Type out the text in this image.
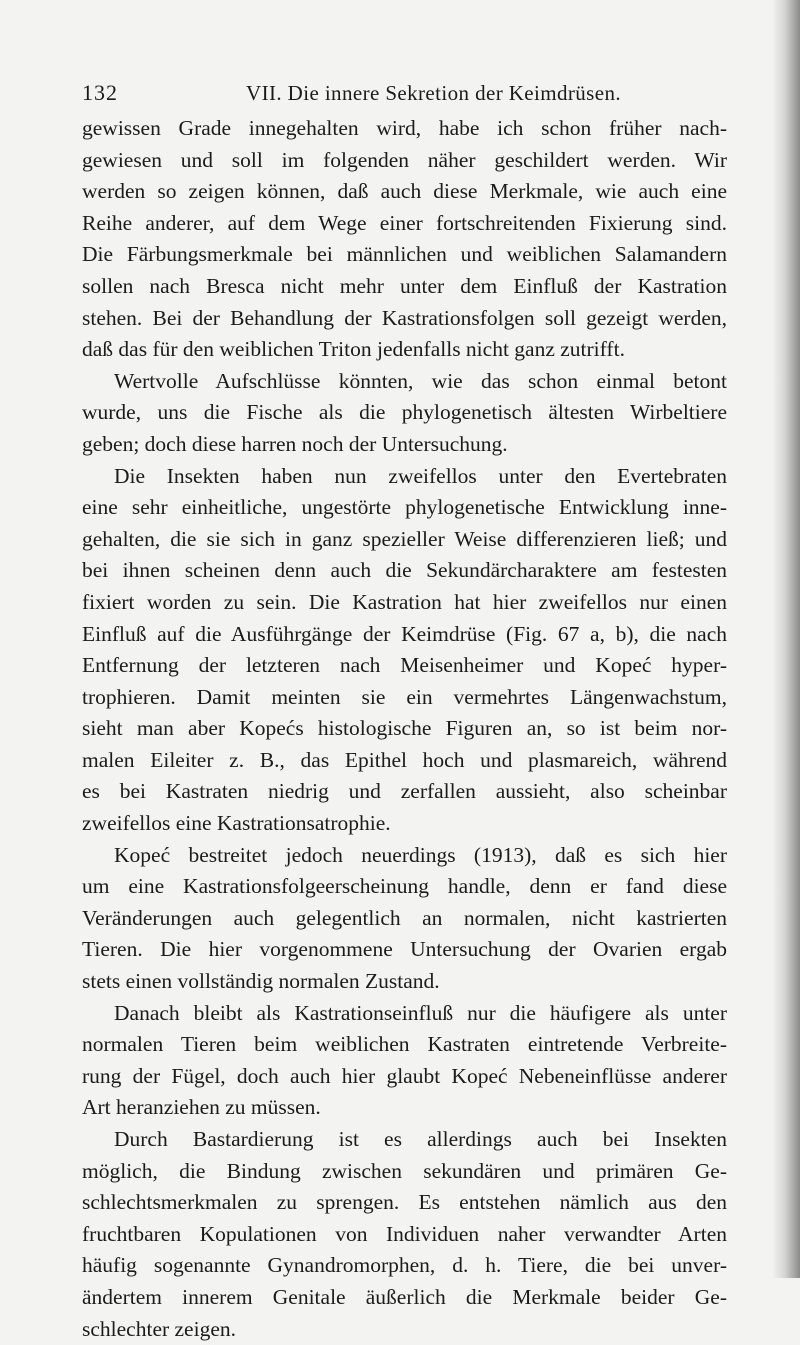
132	VII. Die innere Sekretion der Keimdrüsen.
gewissen Grade innegehalten wird, habe ich schon früher nach-
gewiesen und soll im folgenden näher geschildert werden. Wir
werden so zeigen können, daß auch diese Merkmale, wie auch eine
Reihe anderer, auf dem Wege einer fortschreitenden Fixierung sind.
Die Färbungsmerkmale bei männlichen und weiblichen Salamandern
sollen nach Bresca nicht mehr unter dem Einfluß der Kastration
stehen. Bei der Behandlung der Kastrationsfolgen soll gezeigt werden,
daß das für den weiblichen Triton jedenfalls nicht ganz zutrifft.
Wertvolle Aufschlüsse könnten, wie das schon einmal betont
wurde, uns die Fische als die phylogenetisch ältesten Wirbeltiere
geben; doch diese harren noch der Untersuchung.
Die Insekten haben nun zweifellos unter den Evertebraten
eine sehr einheitliche, ungestörte phylogenetische Entwicklung inne-
gehalten, die sie sich in ganz spezieller Weise differenzieren ließ; und
bei ihnen scheinen denn auch die Sekundärcharaktere am festesten
fixiert worden zu sein. Die Kastration hat hier zweifellos nur einen
Einfluß auf die Ausführgänge der Keimdrüse (Fig. 67 a, b), die nach
Entfernung der letzteren nach Meisenheimer und Kopeć hyper-
trophieren. Damit meinten sie ein vermehrtes Längenwachstum,
sieht man aber Kopećs histologische Figuren an, so ist beim nor-
malen Eileiter z. B., das Epithel hoch und plasmareich, während
es bei Kastraten niedrig und zerfallen aussieht, also scheinbar
zweifellos eine Kastrationsatrophie.
Kopeć bestreitet jedoch neuerdings (1913), daß es sich hier
um eine Kastrationsfolgeerscheinung handle, denn er fand diese
Veränderungen auch gelegentlich an normalen, nicht kastrierten
Tieren. Die hier vorgenommene Untersuchung der Ovarien ergab
stets einen vollständig normalen Zustand.
Danach bleibt als Kastrationseinfluß nur die häufigere als unter
normalen Tieren beim weiblichen Kastraten eintretende Verbreite-
rung der Fügel, doch auch hier glaubt Kopeć Nebeneinflüsse anderer
Art heranziehen zu müssen.
Durch Bastardierung ist es allerdings auch bei Insekten
möglich, die Bindung zwischen sekundären und primären Ge-
schlechtsmerkmalen zu sprengen. Es entstehen nämlich aus den
fruchtbaren Kopulationen von Individuen naher verwandter Arten
häufig sogenannte Gynandromorphen, d. h. Tiere, die bei unver-
ändertem innerem Genitale äußerlich die Merkmale beider Ge-
schlechter zeigen.
